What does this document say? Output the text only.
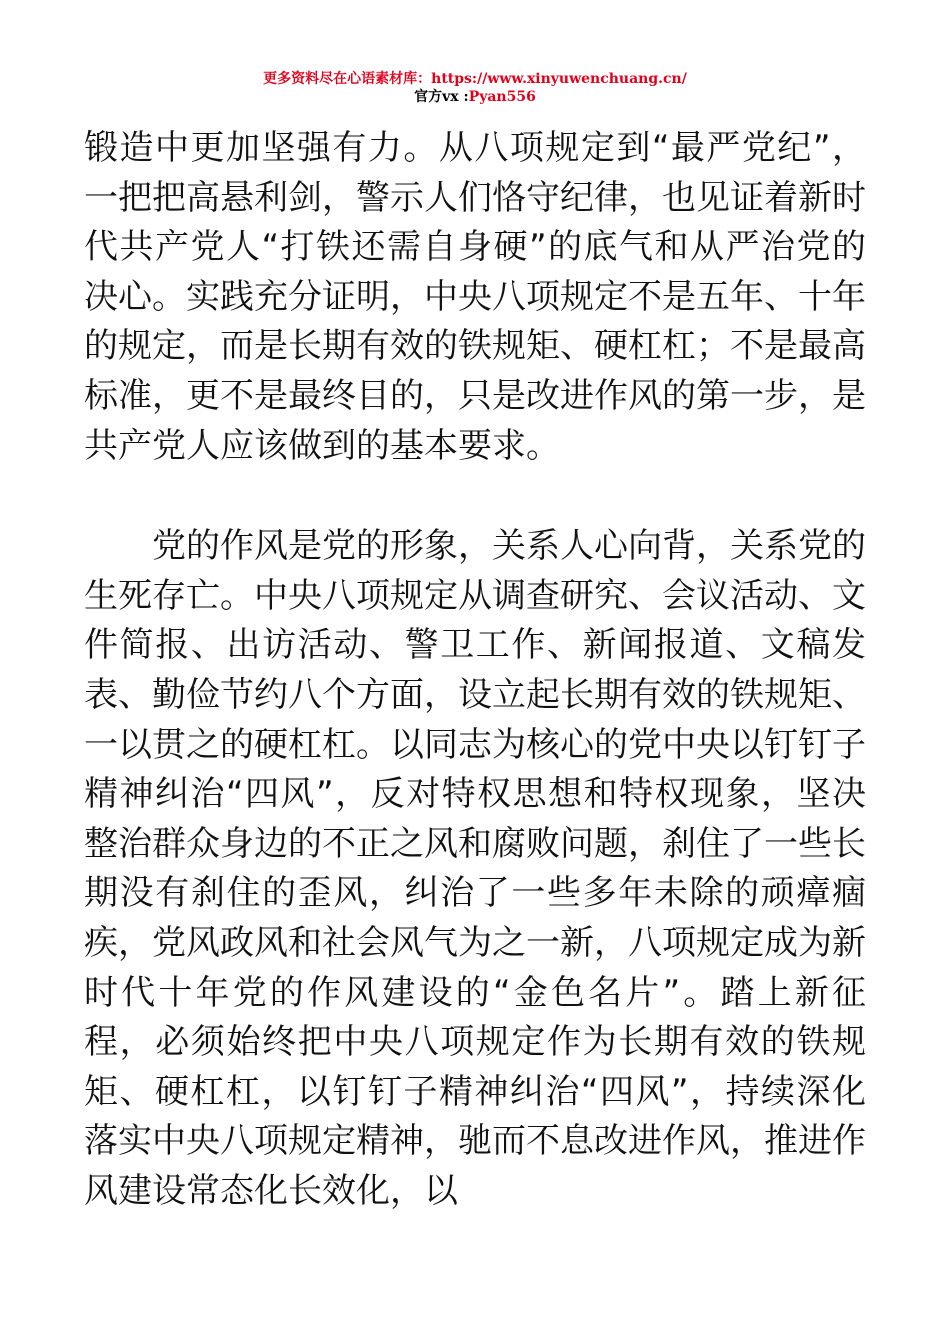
更多资料尽在心语素材库：https://www.xinyuwenchuang.cn/
官方vx :Pyan556

锻造中更加坚强有力。从八项规定到“最严党纪”，一把把高悬利剑，警示人们恪守纪律，也见证着新时代共产党人“打铁还需自身硬”的底气和从严治党的决心。实践充分证明，中央八项规定不是五年、十年的规定，而是长期有效的铁规矩、硬杠杠；不是最高标准，更不是最终目的，只是改进作风的第一步，是共产党人应该做到的基本要求。

党的作风是党的形象，关系人心向背，关系党的生死存亡。中央八项规定从调查研究、会议活动、文件简报、出访活动、警卫工作、新闻报道、文稿发表、勤俭节约八个方面，设立起长期有效的铁规矩、一以贯之的硬杠杠。以同志为核心的党中央以钉钉子精神纠治“四风”，反对特权思想和特权现象，坚决整治群众身边的不正之风和腐败问题，刹住了一些长期没有刹住的歪风，纠治了一些多年未除的顽瘴痼疾，党风政风和社会风气为之一新，八项规定成为新时代十年党的作风建设的“金色名片”。踏上新征程，必须始终把中央八项规定作为长期有效的铁规矩、硬杠杠，以钉钉子精神纠治“四风”，持续深化落实中央八项规定精神，驰而不息改进作风，推进作风建设常态化长效化，以
